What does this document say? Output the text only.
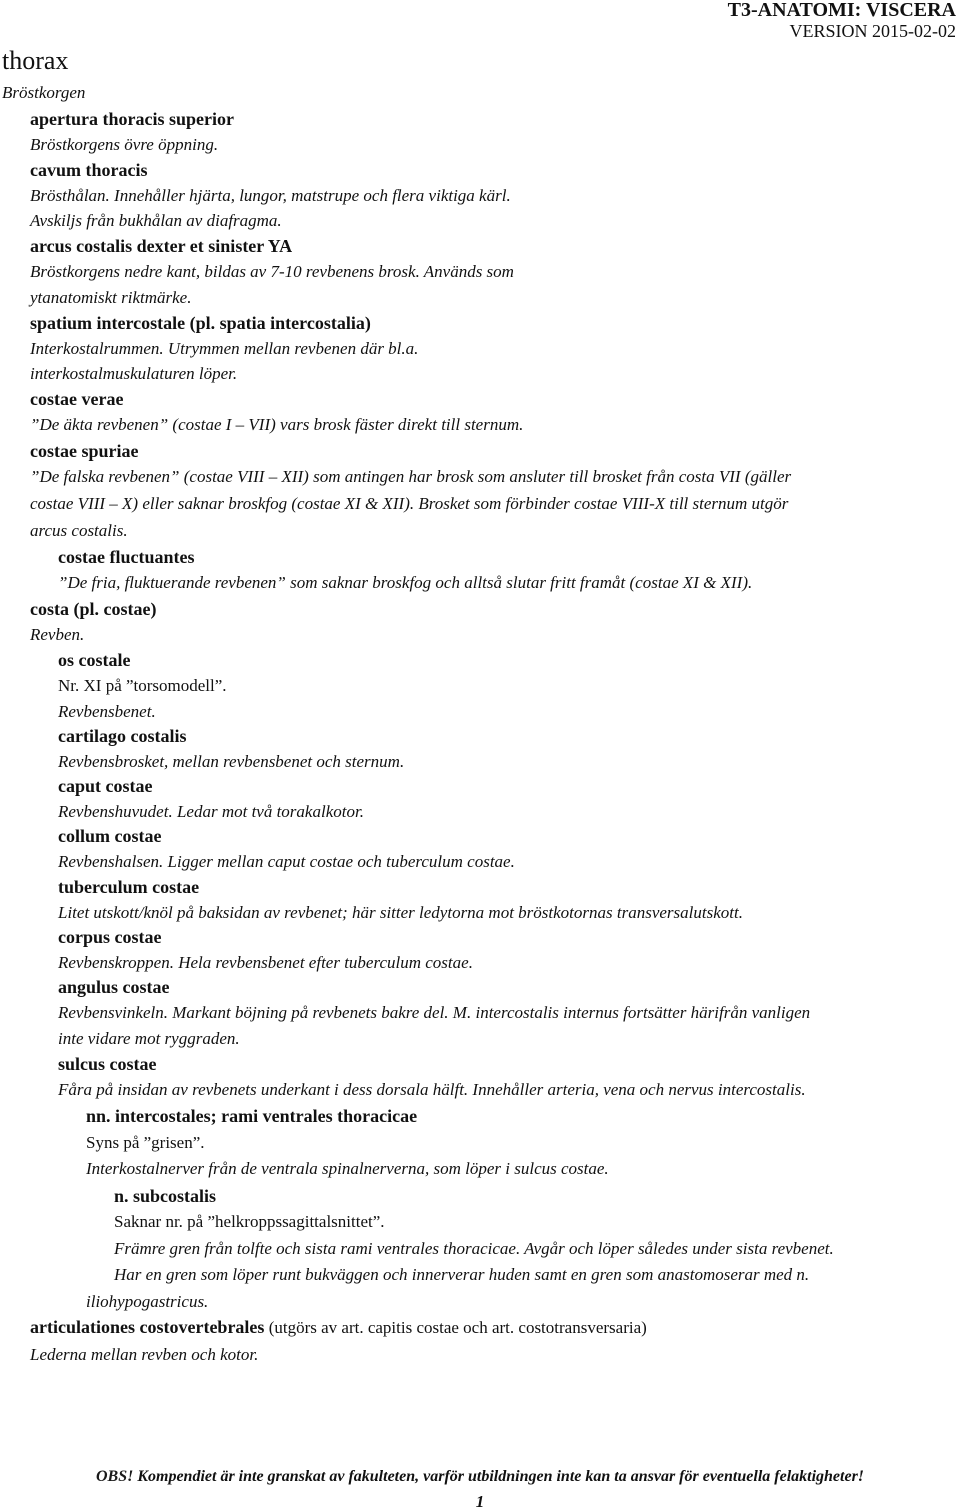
T3-ANATOMI: VISCERA
VERSION 2015-02-02
thorax
Bröstkorgen
apertura thoracis superior
Bröstkorgens övre öppning.
cavum thoracis
Brösthålan. Innehåller hjärta, lungor, matstrupe och flera viktiga kärl.
Avskiljs från bukhålan av diafragma.
arcus costalis dexter et sinister YA
Bröstkorgens nedre kant, bildas av 7-10 revbenens brosk. Används som
ytanatomiskt riktmärke.
spatium intercostale (pl. spatia intercostalia)
Interkostalrummen. Utrymmen mellan revbenen där bl.a.
interkostalmuskulaturen löper.
costae verae
”De äkta revbenen” (costae I – VII) vars brosk fäster direkt till sternum.
costae spuriae
”De falska revbenen” (costae VIII – XII) som antingen har brosk som ansluter till brosket från costa VII (gäller
costae VIII – X) eller saknar broskfog (costae XI & XII). Brosket som förbinder costae VIII-X till sternum utgör
arcus costalis.
costae fluctuantes
”De fria, fluktuerande revbenen” som saknar broskfog och alltså slutar fritt framåt (costae XI & XII).
costa (pl. costae)
Revben.
os costale
Nr. XI på ”torsomodell”.
Revbensbenet.
cartilago costalis
Revbensbrosket, mellan revbensbenet och sternum.
caput costae
Revbenshuvudet. Ledar mot två torakalkotor.
collum costae
Revbenshalsen. Ligger mellan caput costae och tuberculum costae.
tuberculum costae
Litet utskott/knöl på baksidan av revbenet; här sitter ledytorna mot bröstkotornas transversalutskott.
corpus costae
Revbenskroppen. Hela revbensbenet efter tuberculum costae.
angulus costae
Revbensvinkeln. Markant böjning på revbenets bakre del. M. intercostalis internus fortsätter härifrån vanligen
inte vidare mot ryggraden.
sulcus costae
Fåra på insidan av revbenets underkant i dess dorsala hälft. Innehåller arteria, vena och nervus intercostalis.
nn. intercostales; rami ventrales thoracicae
Syns på ”grisen”.
Interkostalnerver från de ventrala spinalnerverna, som löper i sulcus costae.
n. subcostalis
Saknar nr. på ”helkroppssagittalsnittet”.
Främre gren från tolfte och sista rami ventrales thoracicae. Avgår och löper således under sista revbenet.
Har en gren som löper runt bukväggen och innerverar huden samt en gren som anastomoserar med n.
iliohypogastricus.
articulationes costovertebrales (utgörs av art. capitis costae och art. costotransversaria)
Lederna mellan revben och kotor.
OBS! Kompendiet är inte granskat av fakulteten, varför utbildningen inte kan ta ansvar för eventuella felaktigheter!
1
